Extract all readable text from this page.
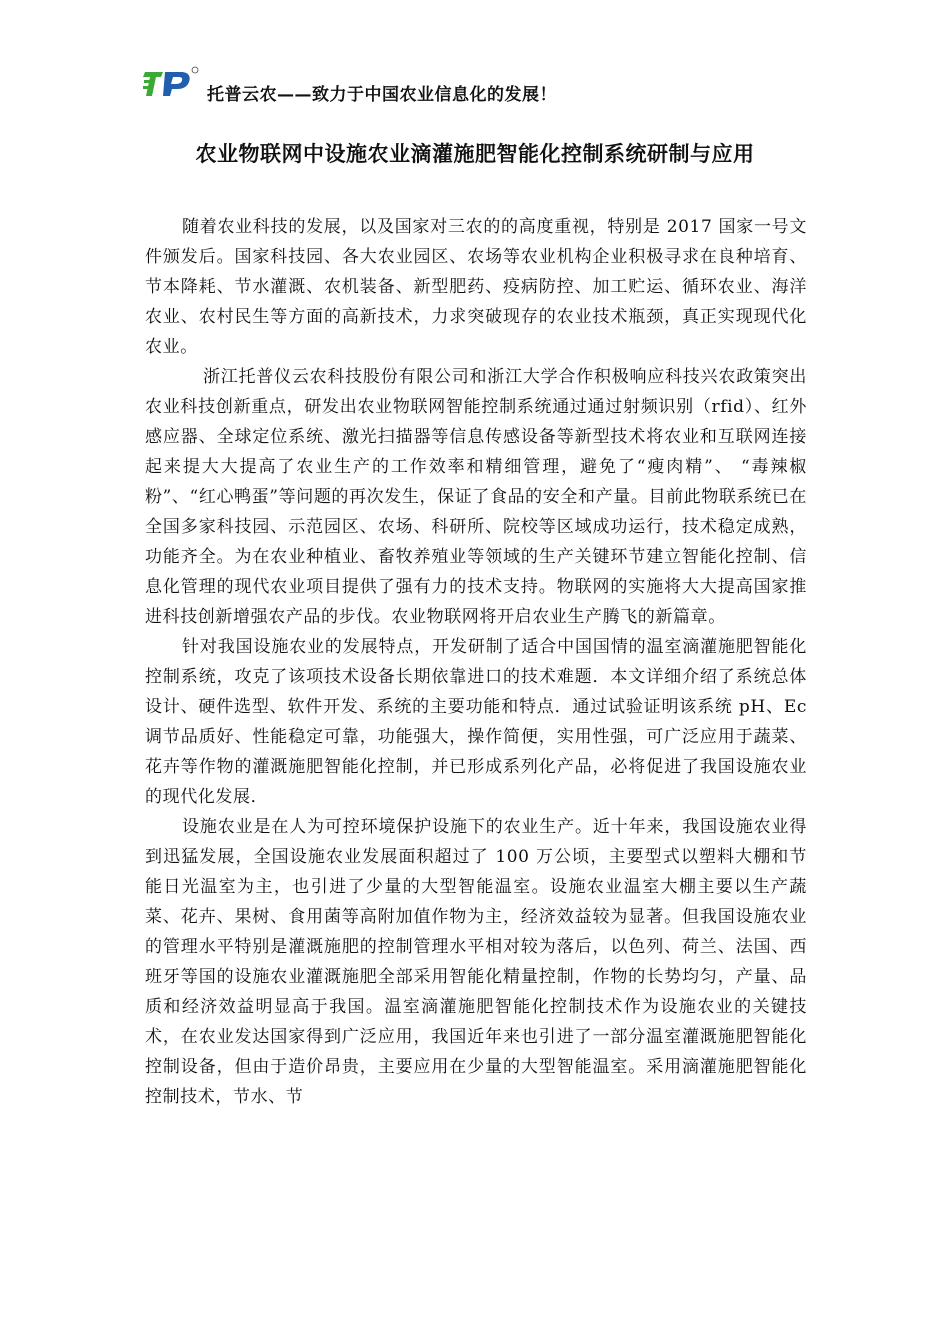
托普云农——致力于中国农业信息化的发展！
农业物联网中设施农业滴灌施肥智能化控制系统研制与应用

随着农业科技的发展，以及国家对三农的的高度重视，特别是 2017 国家一号文件颁发后。国家科技园、各大农业园区、农场等农业机构企业积极寻求在良种培育、节本降耗、节水灌溉、农机装备、新型肥药、疫病防控、加工贮运、循环农业、海洋农业、农村民生等方面的高新技术，力求突破现存的农业技术瓶颈，真正实现现代化农业。

浙江托普仪云农科技股份有限公司和浙江大学合作积极响应科技兴农政策突出农业科技创新重点，研发出农业物联网智能控制系统通过通过射频识别（rfid）、红外感应器、全球定位系统、激光扫描器等信息传感设备等新型技术将农业和互联网连接起来提大大提高了农业生产的工作效率和精细管理，避免了“瘦肉精”、 “毒辣椒粉”、“红心鸭蛋”等问题的再次发生，保证了食品的安全和产量。目前此物联系统已在全国多家科技园、示范园区、农场、科研所、院校等区域成功运行，技术稳定成熟，功能齐全。为在农业种植业、畜牧养殖业等领域的生产关键环节建立智能化控制、信息化管理的现代农业项目提供了强有力的技术支持。物联网的实施将大大提高国家推进科技创新增强农产品的步伐。农业物联网将开启农业生产腾飞的新篇章。

针对我国设施农业的发展特点，开发研制了适合中国国情的温室滴灌施肥智能化控制系统，攻克了该项技术设备长期依靠进口的技术难题．本文详细介绍了系统总体设计、硬件选型、软件开发、系统的主要功能和特点．通过试验证明该系统 pH、Ec 调节品质好、性能稳定可靠，功能强大，操作简便，实用性强，可广泛应用于蔬菜、花卉等作物的灌溉施肥智能化控制，并已形成系列化产品，必将促进了我国设施农业的现代化发展．

设施农业是在人为可控环境保护设施下的农业生产。近十年来，我国设施农业得到迅猛发展，全国设施农业发展面积超过了 100 万公顷，主要型式以塑料大棚和节能日光温室为主，也引进了少量的大型智能温室。设施农业温室大棚主要以生产蔬菜、花卉、果树、食用菌等高附加值作物为主，经济效益较为显著。但我国设施农业的管理水平特别是灌溉施肥的控制管理水平相对较为落后，以色列、荷兰、法国、西班牙等国的设施农业灌溉施肥全部采用智能化精量控制，作物的长势均匀，产量、品质和经济效益明显高于我国。温室滴灌施肥智能化控制技术作为设施农业的关键技术，在农业发达国家得到广泛应用，我国近年来也引进了一部分温室灌溉施肥智能化控制设备，但由于造价昂贵，主要应用在少量的大型智能温室。采用滴灌施肥智能化控制技术，节水、节
